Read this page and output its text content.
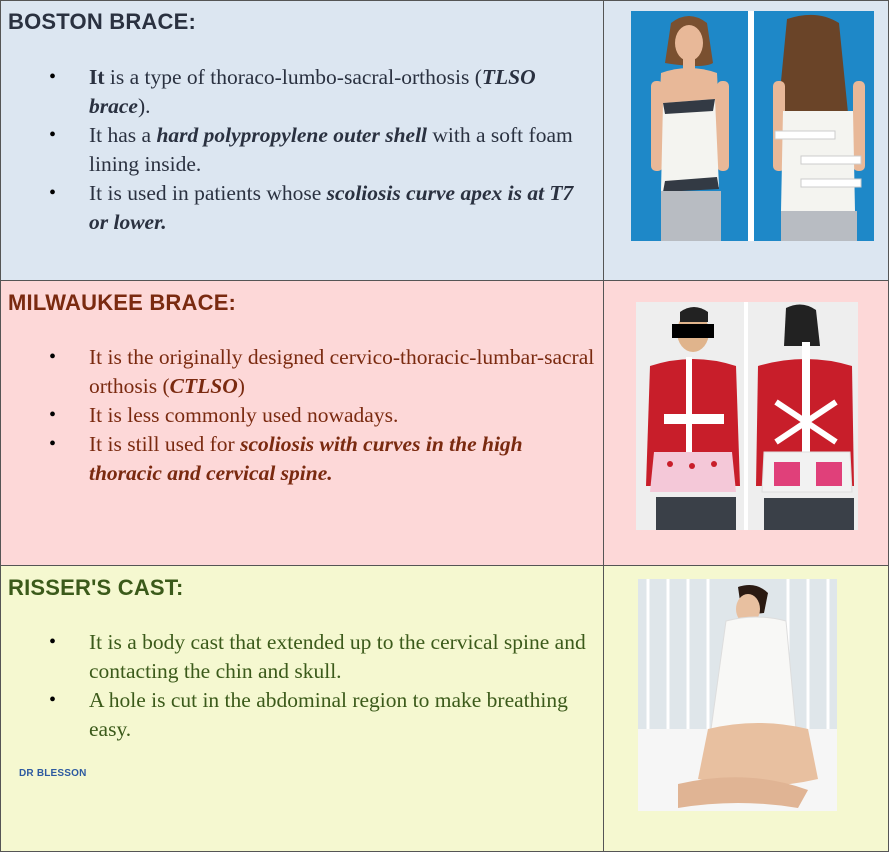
BOSTON BRACE:
• It is a type of thoraco-lumbo-sacral-orthosis (TLSO brace).
• It has a hard polypropylene outer shell with a soft foam lining inside.
• It is used in patients whose scoliosis curve apex is at T7 or lower.
MILWAUKEE BRACE:
• It is the originally designed cervico-thoracic-lumbar-sacral orthosis (CTLSO)
• It is less commonly used nowadays.
• It is still used for scoliosis with curves in the high thoracic and cervical spine.
RISSER'S CAST:
• It is a body cast that extended up to the cervical spine and contacting the chin and skull.
• A hole is cut in the abdominal region to make breathing easy.
DR BLESSON
